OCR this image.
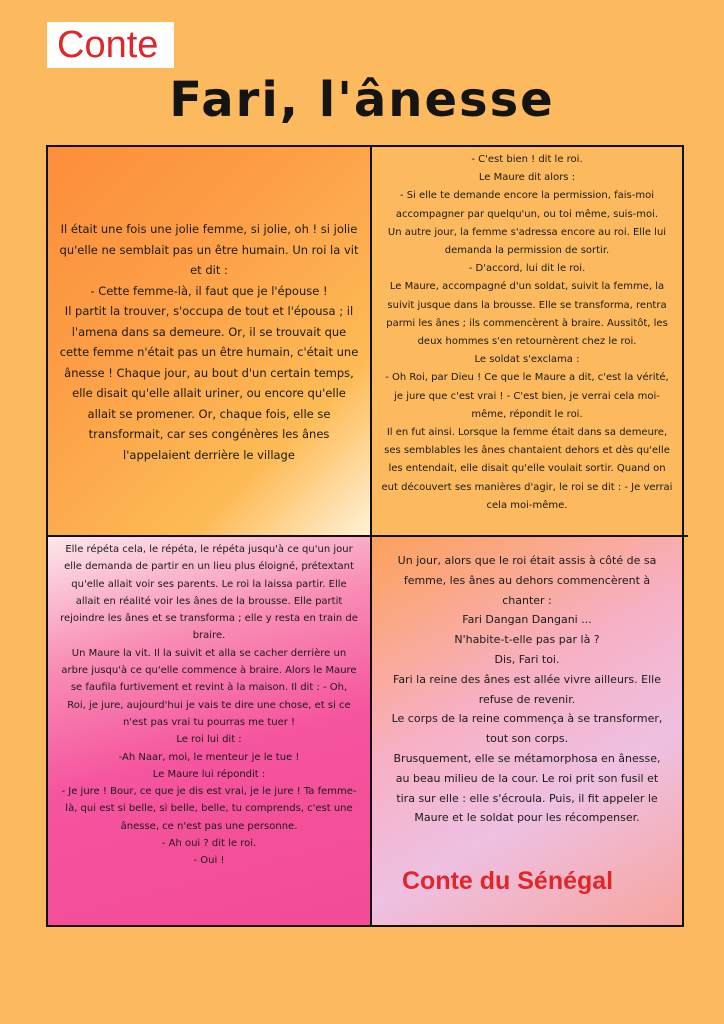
Conte
Fari, l'ânesse

Il était une fois une jolie femme, si jolie, oh ! si jolie qu'elle ne semblait pas un être humain. Un roi la vit et dit :

- Cette femme-là, il faut que je l'épouse !

Il partit la trouver, s'occupa de tout et l'épousa ; il l'amena dans sa demeure. Or, il se trouvait que cette femme n'était pas un être humain, c'était une ânesse ! Chaque jour, au bout d'un certain temps, elle disait qu'elle allait uriner, ou encore qu'elle allait se promener. Or, chaque fois, elle se transformait, car ses congénères les ânes l'appelaient derrière le village

- C'est bien ! dit le roi.

Le Maure dit alors :

- Si elle te demande encore la permission, fais-moi accompagner par quelqu'un, ou toi même, suis-moi.

Un autre jour, la femme s'adressa encore au roi. Elle lui demanda la permission de sortir.

- D'accord, lui dit le roi.

Le Maure, accompagné d'un soldat, suivit la femme, la suivit jusque dans la brousse. Elle se transforma, rentra parmi les ânes ; ils commencèrent à braire. Aussitôt, les deux hommes s'en retournèrent chez le roi.

Le soldat s'exclama :

- Oh Roi, par Dieu ! Ce que le Maure a dit, c'est la vérité, je jure que c'est vrai ! - C'est bien, je verrai cela moi-même, répondit le roi.

Il en fut ainsi. Lorsque la femme était dans sa demeure, ses semblables les ânes chantaient dehors et dès qu'elle les entendait, elle disait qu'elle voulait sortir. Quand on eut découvert ses manières d'agir, le roi se dit : - Je verrai cela moi-même.

Elle répéta cela, le répéta, le répéta jusqu'à ce qu'un jour elle demanda de partir en un lieu plus éloigné, prétextant qu'elle allait voir ses parents. Le roi la laissa partir. Elle allait en réalité voir les ânes de la brousse. Elle partit rejoindre les ânes et se transforma ; elle y resta en train de braire.

Un Maure la vit. Il la suivit et alla se cacher derrière un arbre jusqu'à ce qu'elle commence à braire. Alors le Maure se faufila furtivement et revint à la maison. Il dit : - Oh, Roi, je jure, aujourd'hui je vais te dire une chose, et si ce n'est pas vrai tu pourras me tuer !

Le roi lui dit :

-Ah Naar, moi, le menteur je le tue !

Le Maure lui répondit :

- Je jure ! Bour, ce que je dis est vrai, je le jure ! Ta femme-là, qui est si belle, si belle, belle, tu comprends, c'est une ânesse, ce n'est pas une personne.

- Ah oui ? dit le roi.

- Oui !

Un jour, alors que le roi était assis à côté de sa femme, les ânes au dehors commencèrent à chanter :

Fari Dangan Dangani ...

N'habite-t-elle pas par là ?

Dis, Fari toi.

Fari la reine des ânes est allée vivre ailleurs. Elle refuse de revenir.

Le corps de la reine commença à se transformer, tout son corps.

Brusquement, elle se métamorphosa en ânesse, au beau milieu de la cour. Le roi prit son fusil et tira sur elle : elle s'écroula. Puis, il fit appeler le Maure et le soldat pour les récompenser.

Conte du Sénégal
